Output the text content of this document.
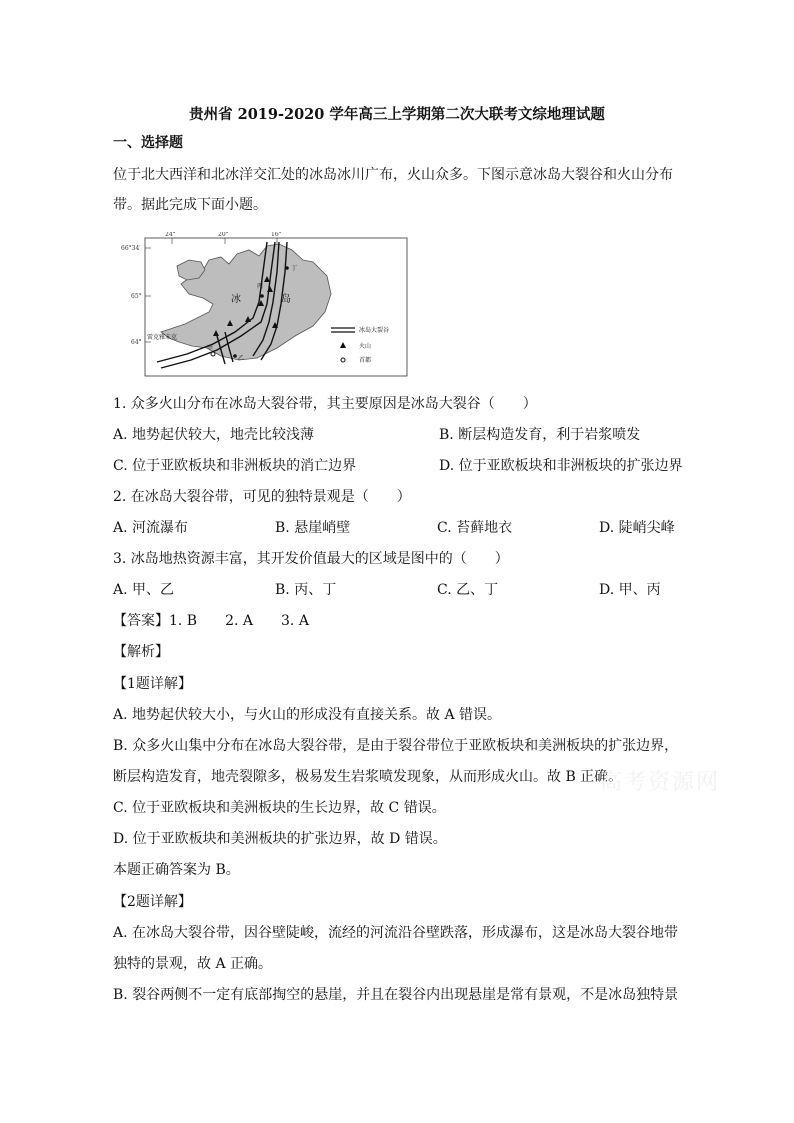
贵州省 2019-2020 学年高三上学期第二次大联考文综地理试题
一、选择题
位于北大西洋和北冰洋交汇处的冰岛冰川广布，火山众多。下图示意冰岛大裂谷和火山分布
带。据此完成下面小题。
24°	20°	16°
66°34′
65°
64°
丁
丙
甲
乙
冰	岛
雷克雅未克
冰岛大裂谷
火山
首都
1. 众多火山分布在冰岛大裂谷带，其主要原因是冰岛大裂谷（　　）
A. 地势起伏较大，地壳比较浅薄	B. 断层构造发育，利于岩浆喷发
C. 位于亚欧板块和非洲板块的消亡边界	D. 位于亚欧板块和非洲板块的扩张边界
2. 在冰岛大裂谷带，可见的独特景观是（　　）
A. 河流瀑布	B. 悬崖峭壁	C. 苔藓地衣	D. 陡峭尖峰
3. 冰岛地热资源丰富，其开发价值最大的区域是图中的（　　）
A. 甲、乙	B. 丙、丁	C. 乙、丁	D. 甲、丙
【答案】1. B　　2. A　　3. A
【解析】
【1题详解】
A. 地势起伏较大小，与火山的形成没有直接关系。故 A 错误。
B. 众多火山集中分布在冰岛大裂谷带，是由于裂谷带位于亚欧板块和美洲板块的扩张边界，
断层构造发育，地壳裂隙多，极易发生岩浆喷发现象，从而形成火山。故 B 正确。
C. 位于亚欧板块和美洲板块的生长边界，故 C 错误。
D. 位于亚欧板块和美洲板块的扩张边界，故 D 错误。
本题正确答案为 B。
【2题详解】
A. 在冰岛大裂谷带，因谷壁陡峻，流经的河流沿谷壁跌落，形成瀑布，这是冰岛大裂谷地带
独特的景观，故 A 正确。
B. 裂谷两侧不一定有底部掏空的悬崖，并且在裂谷内出现悬崖是常有景观，不是冰岛独特景
高考资源网
